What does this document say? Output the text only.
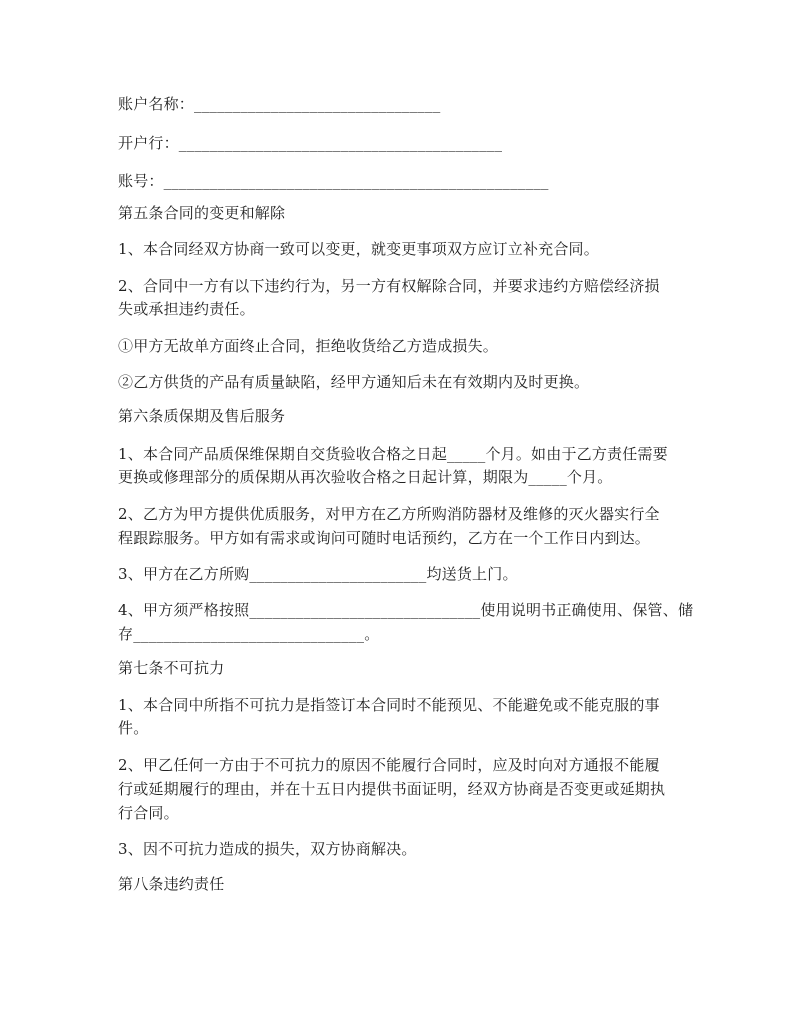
账户名称：________________________________
开户行：__________________________________________
账号：__________________________________________________
第五条合同的变更和解除
1、本合同经双方协商一致可以变更，就变更事项双方应订立补充合同。
2、合同中一方有以下违约行为，另一方有权解除合同，并要求违约方赔偿经济损
失或承担违约责任。
①甲方无故单方面终止合同，拒绝收货给乙方造成损失。
②乙方供货的产品有质量缺陷，经甲方通知后未在有效期内及时更换。
第六条质保期及售后服务
1、本合同产品质保维保期自交货验收合格之日起_____个月。如由于乙方责任需要
更换或修理部分的质保期从再次验收合格之日起计算，期限为_____个月。
2、乙方为甲方提供优质服务，对甲方在乙方所购消防器材及维修的灭火器实行全
程跟踪服务。甲方如有需求或询问可随时电话预约，乙方在一个工作日内到达。
3、甲方在乙方所购_______________________均送货上门。
4、甲方须严格按照______________________________使用说明书正确使用、保管、储
存______________________________。
第七条不可抗力
1、本合同中所指不可抗力是指签订本合同时不能预见、不能避免或不能克服的事
件。
2、甲乙任何一方由于不可抗力的原因不能履行合同时，应及时向对方通报不能履
行或延期履行的理由，并在十五日内提供书面证明，经双方协商是否变更或延期执
行合同。
3、因不可抗力造成的损失，双方协商解决。
第八条违约责任
